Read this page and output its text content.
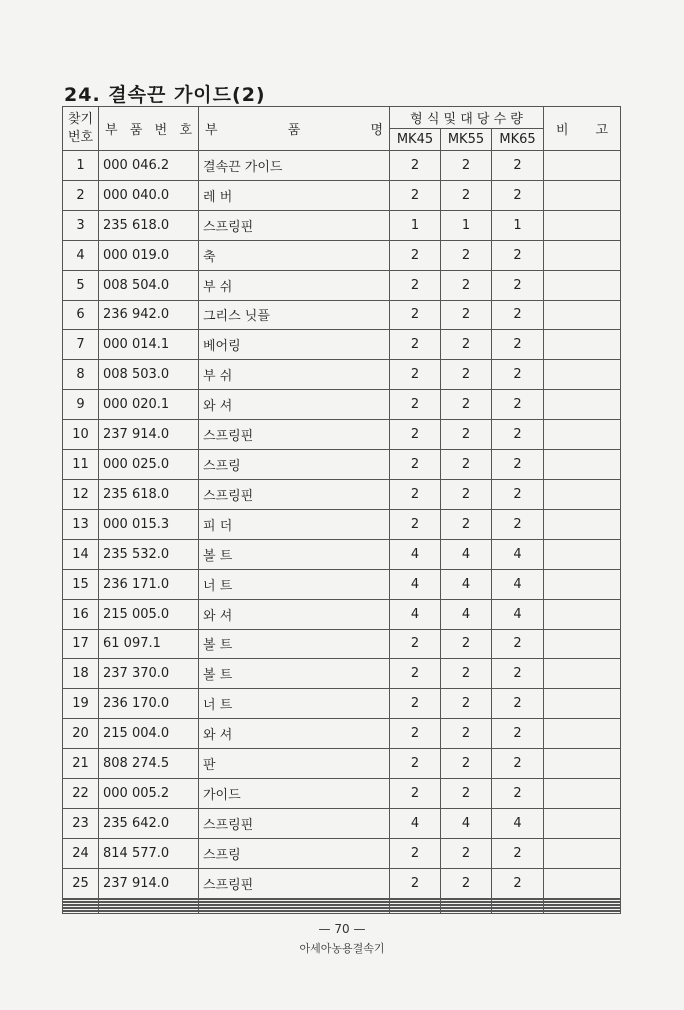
24. 결속끈 가이드(2)
찾기
번호	부 품 번 호	부 품 명	형 식 및 대 당 수 량			비 고

			MK45	MK55	MK65	
1	000 046.2	결속끈 가이드	2	2	2	
2	000 040.0	레 버	2	2	2	
3	235 618.0	스프링핀	1	1	1	
4	000 019.0	축	2	2	2	
5	008 504.0	부 쉬	2	2	2	
6	236 942.0	그리스 닛플	2	2	2	
7	000 014.1	베어링	2	2	2	
8	008 503.0	부 쉬	2	2	2	
9	000 020.1	와 셔	2	2	2	
10	237 914.0	스프링핀	2	2	2	
11	000 025.0	스프링	2	2	2	
12	235 618.0	스프링핀	2	2	2	
13	000 015.3	피 더	2	2	2	
14	235 532.0	볼 트	4	4	4	
15	236 171.0	너 트	4	4	4	
16	215 005.0	와 셔	4	4	4	
17	61 097.1	볼 트	2	2	2	
18	237 370.0	볼 트	2	2	2	
19	236 170.0	너 트	2	2	2	
20	215 004.0	와 셔	2	2	2	
21	808 274.5	판	2	2	2	
22	000 005.2	가이드	2	2	2	
23	235 642.0	스프링핀	4	4	4	
24	814 577.0	스프링	2	2	2	
25	237 914.0	스프링핀	2	2	2	

— 70 —
아세아농용결속기
